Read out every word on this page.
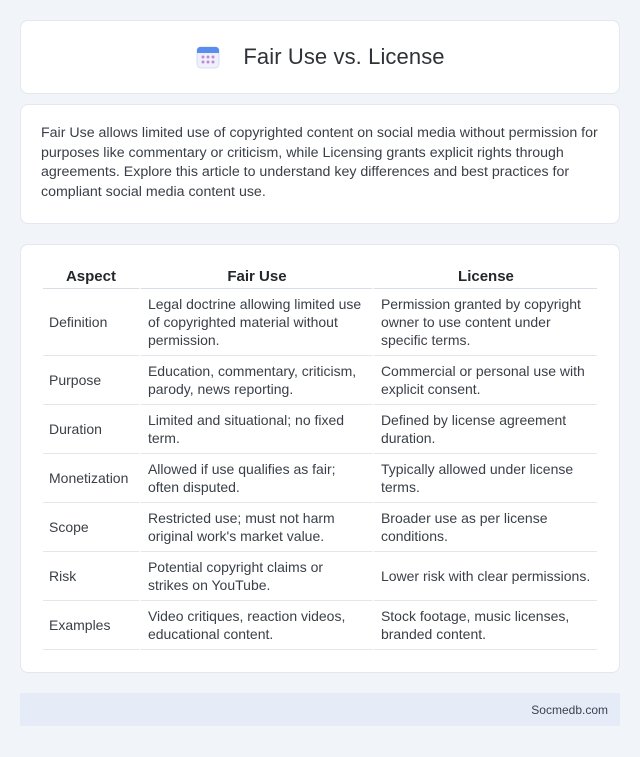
Fair Use vs. License

Fair Use allows limited use of copyrighted content on social media without permission for purposes like commentary or criticism, while Licensing grants explicit rights through agreements. Explore this article to understand key differences and best practices for compliant social media content use.

Aspect	Fair Use	License
Definition	Legal doctrine allowing limited use of copyrighted material without permission.	Permission granted by copyright owner to use content under specific terms.
Purpose	Education, commentary, criticism, parody, news reporting.	Commercial or personal use with explicit consent.
Duration	Limited and situational; no fixed term.	Defined by license agreement duration.
Monetization	Allowed if use qualifies as fair; often disputed.	Typically allowed under license terms.
Scope	Restricted use; must not harm original work's market value.	Broader use as per license conditions.
Risk	Potential copyright claims or strikes on YouTube.	Lower risk with clear permissions.
Examples	Video critiques, reaction videos, educational content.	Stock footage, music licenses, branded content.
Socmedb.com
